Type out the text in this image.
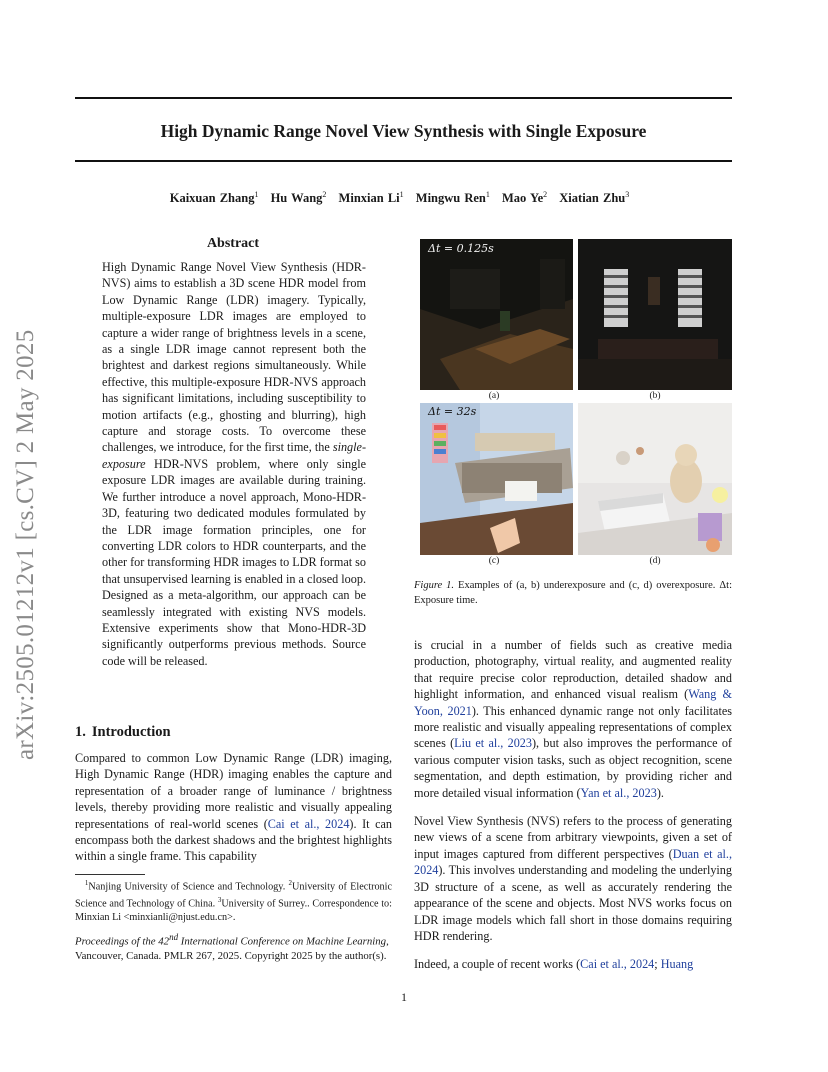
High Dynamic Range Novel View Synthesis with Single Exposure
Kaixuan Zhang$^1$ Hu Wang$^2$ Minxian Li$^1$ Mingwu Ren$^1$ Mao Ye$^2$ Xiatian Zhu$^3$
arXiv:2505.01212v1 [cs.CV] 2 May 2025
Abstract
High Dynamic Range Novel View Synthesis (HDR-NVS) aims to establish a 3D scene HDR model from Low Dynamic Range (LDR) imagery. Typically, multiple-exposure LDR images are employed to capture a wider range of brightness levels in a scene, as a single LDR image cannot represent both the brightest and darkest regions simultaneously. While effective, this multiple-exposure HDR-NVS approach has significant limitations, including susceptibility to motion artifacts (e.g., ghosting and blurring), high capture and storage costs. To overcome these challenges, we introduce, for the first time, the single-exposure HDR-NVS problem, where only single exposure LDR images are available during training. We further introduce a novel approach, Mono-HDR-3D, featuring two dedicated modules formulated by the LDR image formation principles, one for converting LDR colors to HDR counterparts, and the other for transforming HDR images to LDR format so that unsupervised learning is enabled in a closed loop. Designed as a meta-algorithm, our approach can be seamlessly integrated with existing NVS models. Extensive experiments show that Mono-HDR-3D significantly outperforms previous methods. Source code will be released.
1. Introduction
Compared to common Low Dynamic Range (LDR) imaging, High Dynamic Range (HDR) imaging enables the capture and representation of a broader range of luminance / brightness levels, thereby providing more realistic and visually appealing representations of real-world scenes (Cai et al., 2024). It can encompass both the darkest shadows and the brightest highlights within a single frame. This capability
$^1$Nanjing University of Science and Technology. $^2$University of Electronic Science and Technology of China. $^3$University of Surrey.. Correspondence to: Minxian Li <minxianli@njust.edu.cn>.
Proceedings of the 42nd International Conference on Machine Learning, Vancouver, Canada. PMLR 267, 2025. Copyright 2025 by the author(s).
Δt = 0.125s
(a)	(b)
Δt = 32s
(c)	(d)
Figure 1. Examples of (a, b) underexposure and (c, d) overexposure. Δt: Exposure time.

is crucial in a number of fields such as creative media production, photography, virtual reality, and augmented reality that require precise color reproduction, detailed shadow and highlight information, and enhanced visual realism (Wang & Yoon, 2021). This enhanced dynamic range not only facilitates more realistic and visually appealing representations of complex scenes (Liu et al., 2023), but also improves the performance of various computer vision tasks, such as object recognition, scene segmentation, and depth estimation, by providing richer and more detailed visual information (Yan et al., 2023).

Novel View Synthesis (NVS) refers to the process of generating new views of a scene from arbitrary viewpoints, given a set of input images captured from different perspectives (Duan et al., 2024). This involves understanding and modeling the underlying 3D structure of a scene, as well as accurately rendering the appearance of the scene and objects. Most NVS works focus on LDR image models which fall short in those domains requiring HDR rendering.

Indeed, a couple of recent works (Cai et al., 2024; Huang

1
